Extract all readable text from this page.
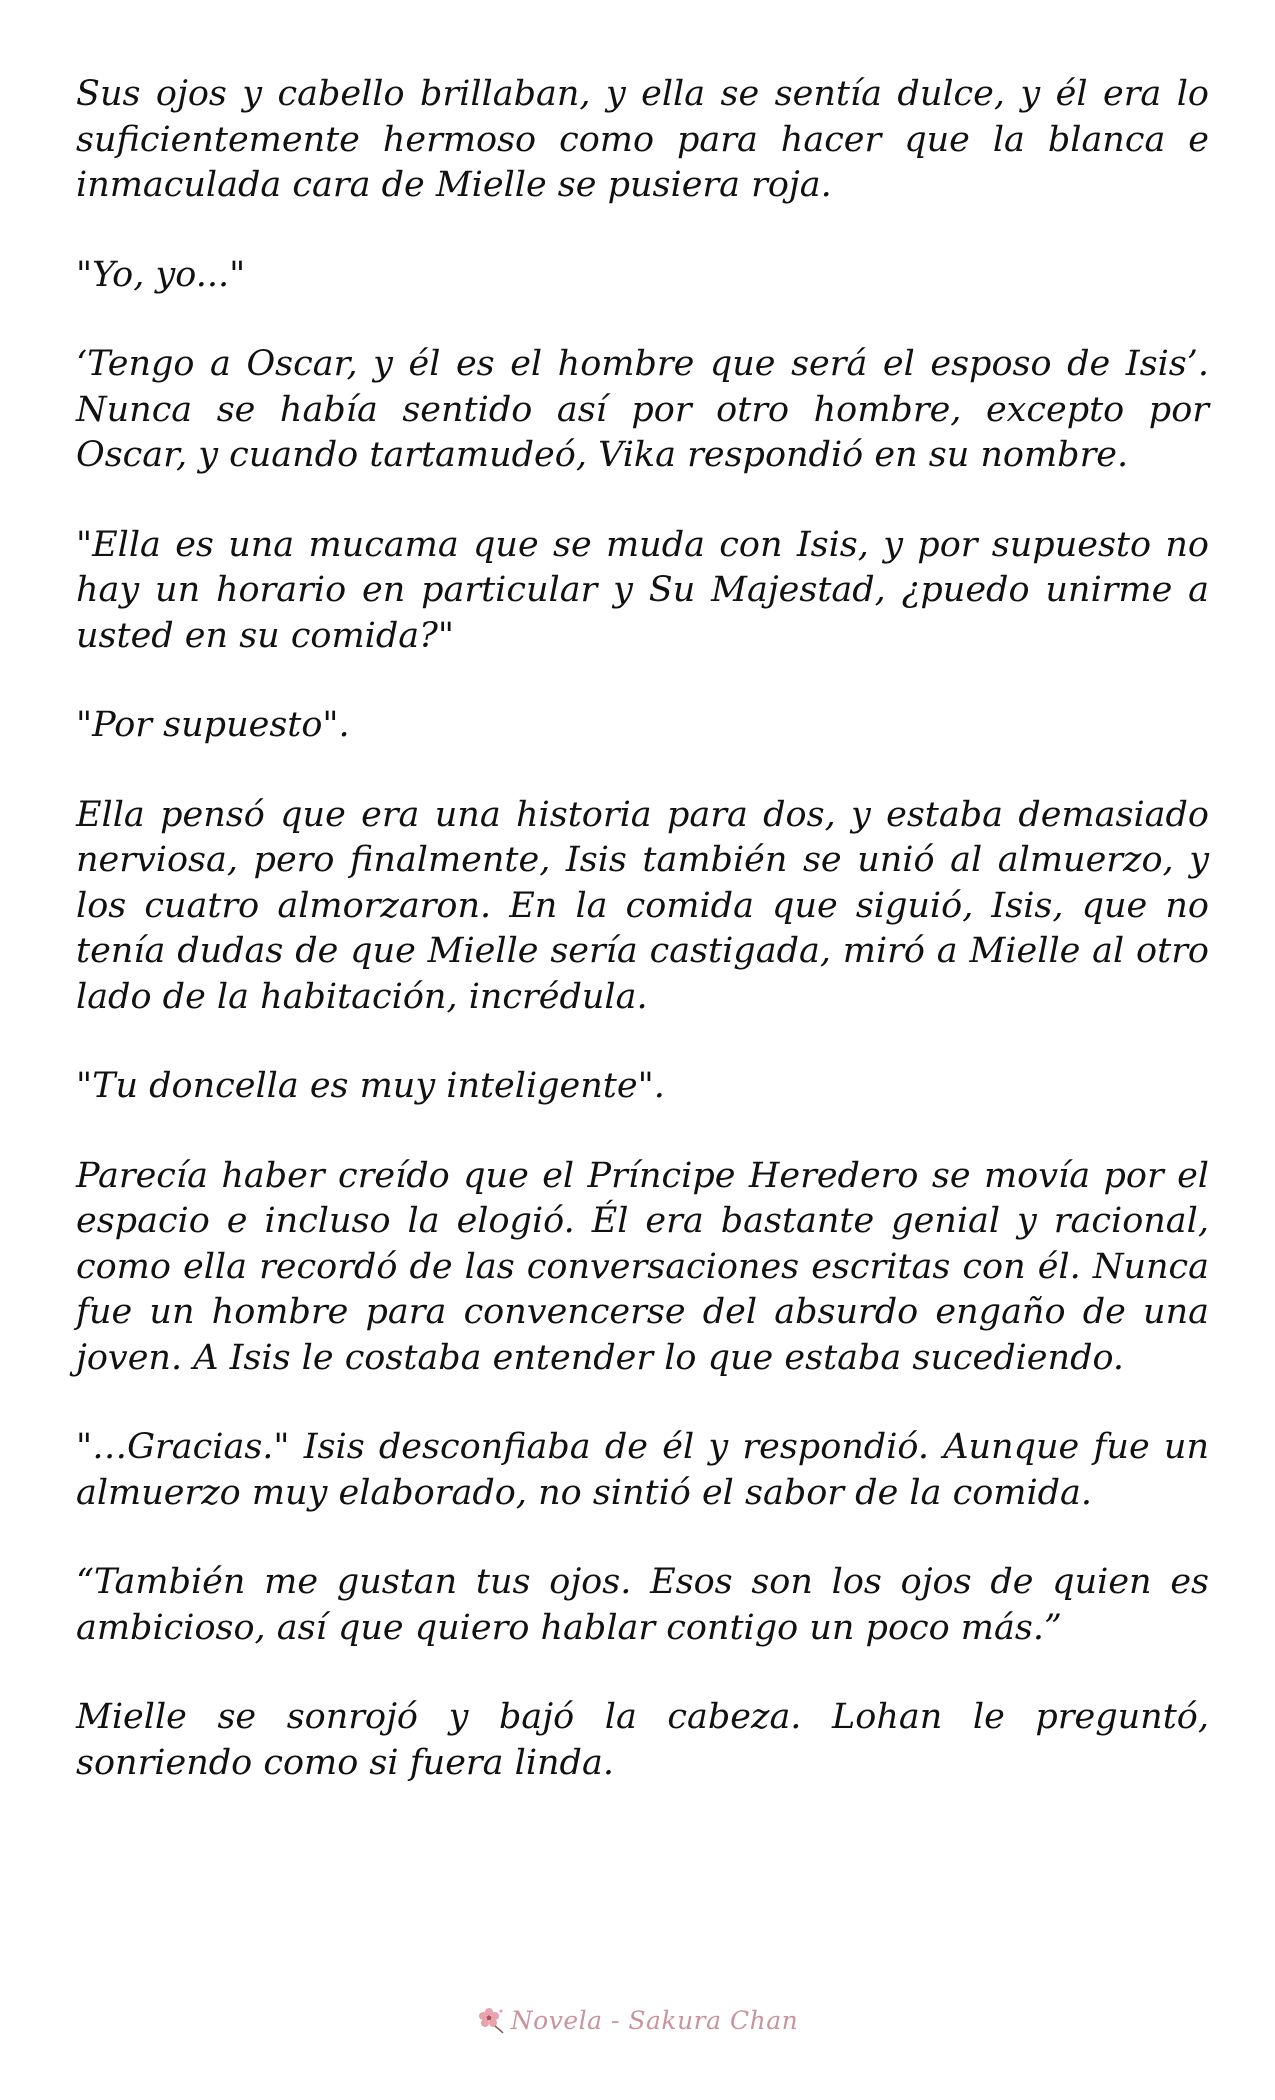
Sus ojos y cabello brillaban, y ella se sentía dulce, y él era lo suficientemente hermoso como para hacer que la blanca e inmaculada cara de Mielle se pusiera roja.

"Yo, yo..."

‘Tengo a Oscar, y él es el hombre que será el esposo de Isis’. Nunca se había sentido así por otro hombre, excepto por Oscar, y cuando tartamudeó, Vika respondió en su nombre.

"Ella es una mucama que se muda con Isis, y por supuesto no hay un horario en particular y Su Majestad, ¿puedo unirme a usted en su comida?"

"Por supuesto".

Ella pensó que era una historia para dos, y estaba demasiado nerviosa, pero finalmente, Isis también se unió al almuerzo, y los cuatro almorzaron. En la comida que siguió, Isis, que no tenía dudas de que Mielle sería castigada, miró a Mielle al otro lado de la habitación, incrédula.

"Tu doncella es muy inteligente".

Parecía haber creído que el Príncipe Heredero se movía por el espacio e incluso la elogió. Él era bastante genial y racional, como ella recordó de las conversaciones escritas con él. Nunca fue un hombre para convencerse del absurdo engaño de una joven. A Isis le costaba entender lo que estaba sucediendo.

"…Gracias." Isis desconfiaba de él y respondió. Aunque fue un almuerzo muy elaborado, no sintió el sabor de la comida.

“También me gustan tus ojos. Esos son los ojos de quien es ambicioso, así que quiero hablar contigo un poco más.”

Mielle se sonrojó y bajó la cabeza. Lohan le preguntó, sonriendo como si fuera linda.

Novela - Sakura Chan
